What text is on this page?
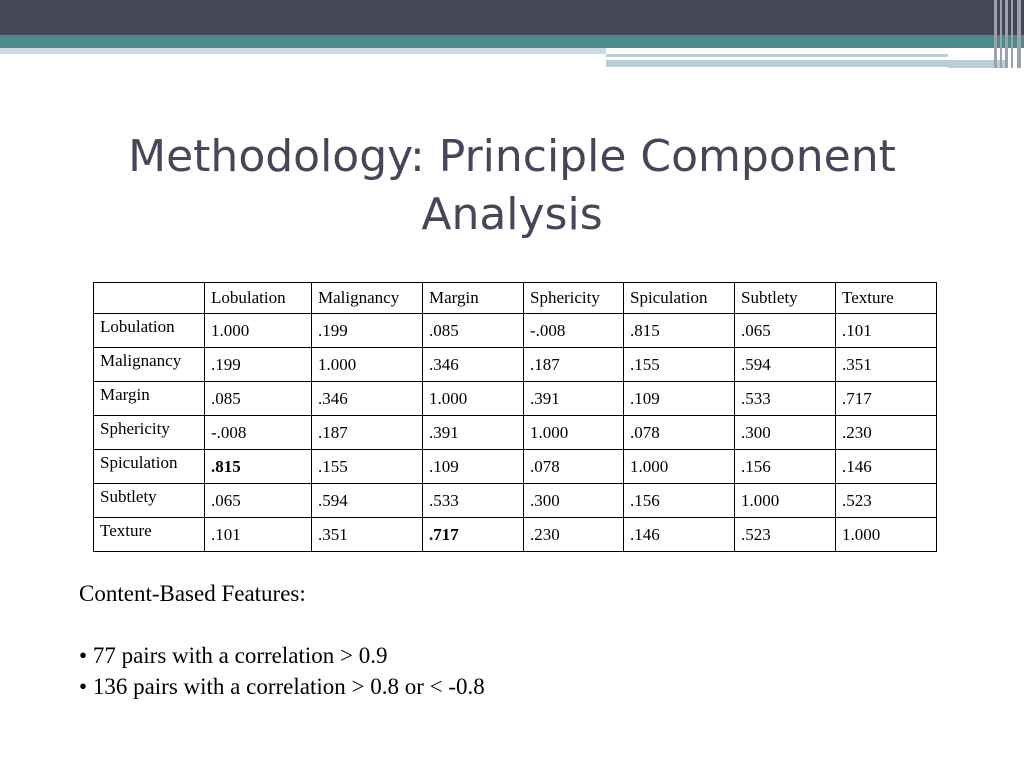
Methodology: Principle Component Analysis
	Lobulation	Malignancy	Margin	Sphericity	Spiculation	Subtlety	Texture
Lobulation	1.000	.199	.085	-.008	.815	.065	.101
Malignancy	.199	1.000	.346	.187	.155	.594	.351
Margin	.085	.346	1.000	.391	.109	.533	.717
Sphericity	-.008	.187	.391	1.000	.078	.300	.230
Spiculation	.815	.155	.109	.078	1.000	.156	.146
Subtlety	.065	.594	.533	.300	.156	1.000	.523
Texture	.101	.351	.717	.230	.146	.523	1.000
Content-Based Features:
• 77 pairs with a correlation > 0.9
• 136 pairs with a correlation > 0.8 or < -0.8
